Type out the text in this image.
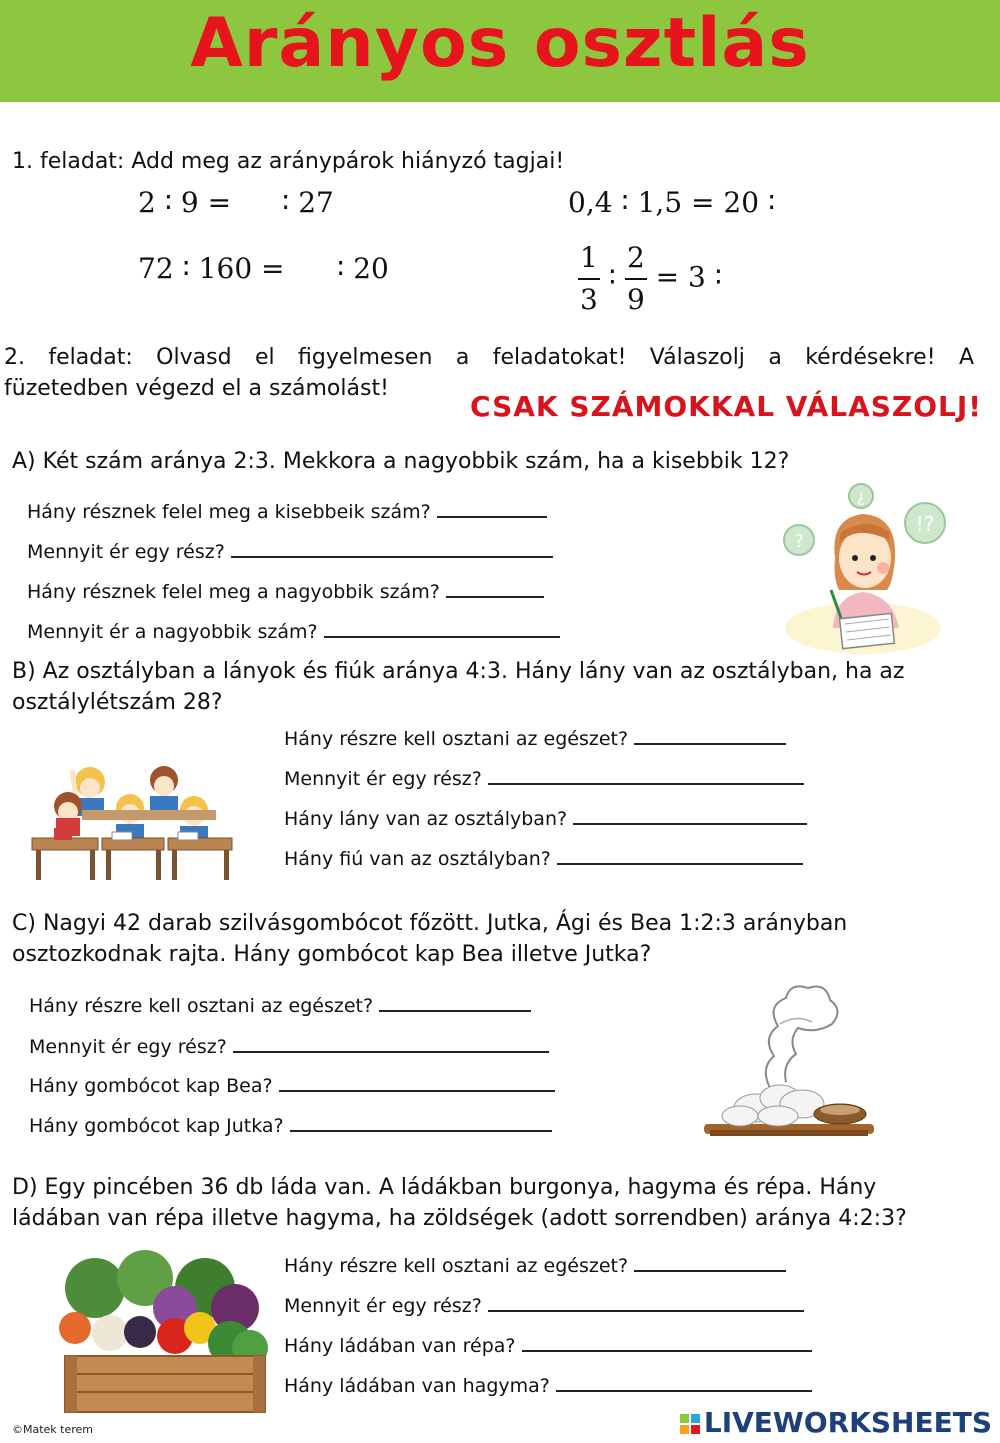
Arányos osztlás
1. feladat: Add meg az aránypárok hiányzó tagjai!
2 ∶ 9 = ∶ 27
72 ∶ 160 = ∶ 20
0,4 ∶ 1,5 = 20 ∶
$\frac{1}{3}$ ∶ $\frac{2}{9} = 3$ ∶
2. feladat: Olvasd el figyelmesen a feladatokat! Válaszolj a kérdésekre! A
füzetedben végezd el a számolást!
CSAK SZÁMOKKAL VÁLASZOLJ!
A) Két szám aránya 2:3. Mekkora a nagyobbik szám, ha a kisebbik 12?
Hány résznek felel meg a kisebbeik szám?
Mennyit ér egy rész?
Hány résznek felel meg a nagyobbik szám?
Mennyit ér a nagyobbik szám?
?
¿
!?
B) Az osztályban a lányok és fiúk aránya 4:3. Hány lány van az osztályban, ha az
osztálylétszám 28?
Hány részre kell osztani az egészet?
Mennyit ér egy rész?
Hány lány van az osztályban?
Hány fiú van az osztályban?
C) Nagyi 42 darab szilvásgombócot főzött. Jutka, Ági és Bea 1:2:3 arányban
osztozkodnak rajta. Hány gombócot kap Bea illetve Jutka?
Hány részre kell osztani az egészet?
Mennyit ér egy rész?
Hány gombócot kap Bea?
Hány gombócot kap Jutka?
D) Egy pincében 36 db láda van. A ládákban burgonya, hagyma és répa. Hány
ládában van répa illetve hagyma, ha zöldségek (adott sorrendben) aránya 4:2:3?
Hány részre kell osztani az egészet?
Mennyit ér egy rész?
Hány ládában van répa?
Hány ládában van hagyma?
©Matek terem	LIVEWORKSHEETS
